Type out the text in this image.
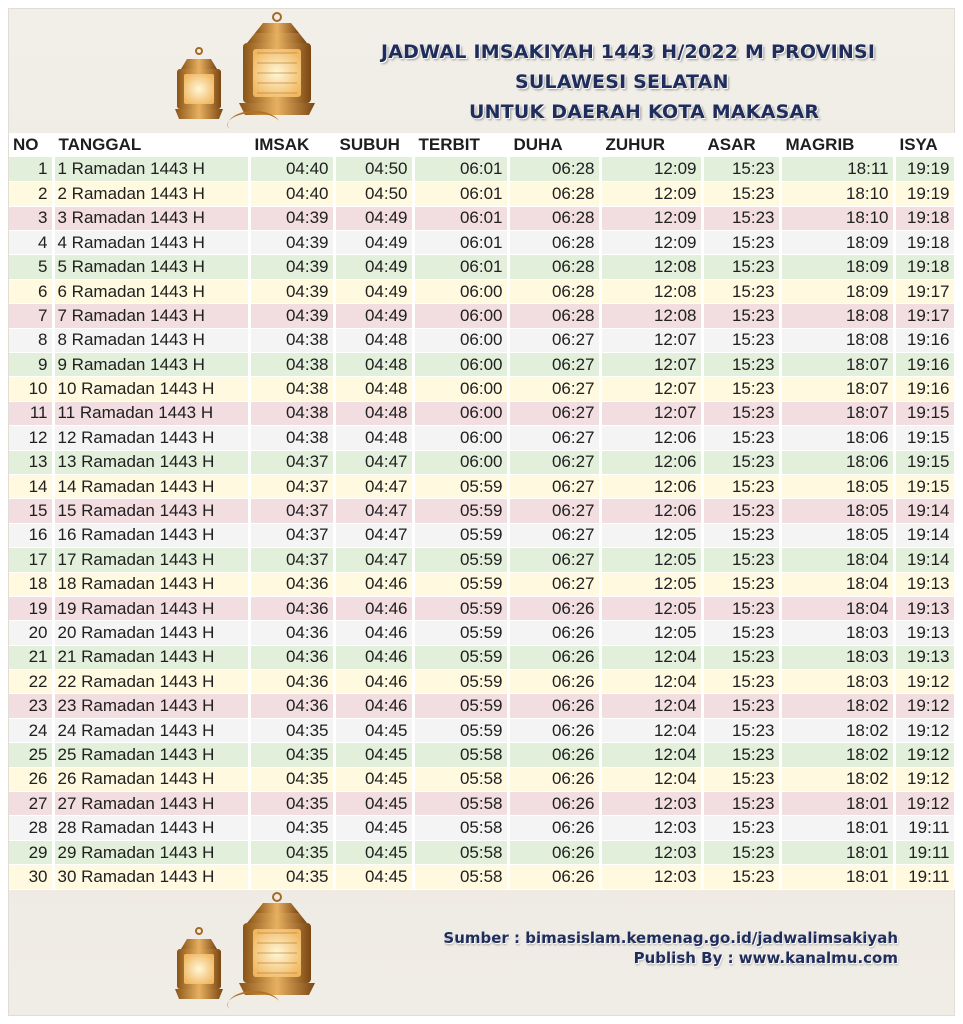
JADWAL IMSAKIYAH 1443 H/2022 M PROVINSI
SULAWESI SELATAN
UNTUK DAERAH KOTA MAKASAR
Sumber : bimasislam.kemenag.go.id/jadwalimsakiyah
Publish By : www.kanalmu.com
NO	TANGGAL	IMSAK	SUBUH	TERBIT	DUHA	ZUHUR	ASAR	MAGRIB	ISYA
1	1 Ramadan 1443 H	04:40	04:50	06:01	06:28	12:09	15:23	18:11	19:19
2	2 Ramadan 1443 H	04:40	04:50	06:01	06:28	12:09	15:23	18:10	19:19
3	3 Ramadan 1443 H	04:39	04:49	06:01	06:28	12:09	15:23	18:10	19:18
4	4 Ramadan 1443 H	04:39	04:49	06:01	06:28	12:09	15:23	18:09	19:18
5	5 Ramadan 1443 H	04:39	04:49	06:01	06:28	12:08	15:23	18:09	19:18
6	6 Ramadan 1443 H	04:39	04:49	06:00	06:28	12:08	15:23	18:09	19:17
7	7 Ramadan 1443 H	04:39	04:49	06:00	06:28	12:08	15:23	18:08	19:17
8	8 Ramadan 1443 H	04:38	04:48	06:00	06:27	12:07	15:23	18:08	19:16
9	9 Ramadan 1443 H	04:38	04:48	06:00	06:27	12:07	15:23	18:07	19:16
10	10 Ramadan 1443 H	04:38	04:48	06:00	06:27	12:07	15:23	18:07	19:16
11	11 Ramadan 1443 H	04:38	04:48	06:00	06:27	12:07	15:23	18:07	19:15
12	12 Ramadan 1443 H	04:38	04:48	06:00	06:27	12:06	15:23	18:06	19:15
13	13 Ramadan 1443 H	04:37	04:47	06:00	06:27	12:06	15:23	18:06	19:15
14	14 Ramadan 1443 H	04:37	04:47	05:59	06:27	12:06	15:23	18:05	19:15
15	15 Ramadan 1443 H	04:37	04:47	05:59	06:27	12:06	15:23	18:05	19:14
16	16 Ramadan 1443 H	04:37	04:47	05:59	06:27	12:05	15:23	18:05	19:14
17	17 Ramadan 1443 H	04:37	04:47	05:59	06:27	12:05	15:23	18:04	19:14
18	18 Ramadan 1443 H	04:36	04:46	05:59	06:27	12:05	15:23	18:04	19:13
19	19 Ramadan 1443 H	04:36	04:46	05:59	06:26	12:05	15:23	18:04	19:13
20	20 Ramadan 1443 H	04:36	04:46	05:59	06:26	12:05	15:23	18:03	19:13
21	21 Ramadan 1443 H	04:36	04:46	05:59	06:26	12:04	15:23	18:03	19:13
22	22 Ramadan 1443 H	04:36	04:46	05:59	06:26	12:04	15:23	18:03	19:12
23	23 Ramadan 1443 H	04:36	04:46	05:59	06:26	12:04	15:23	18:02	19:12
24	24 Ramadan 1443 H	04:35	04:45	05:59	06:26	12:04	15:23	18:02	19:12
25	25 Ramadan 1443 H	04:35	04:45	05:58	06:26	12:04	15:23	18:02	19:12
26	26 Ramadan 1443 H	04:35	04:45	05:58	06:26	12:04	15:23	18:02	19:12
27	27 Ramadan 1443 H	04:35	04:45	05:58	06:26	12:03	15:23	18:01	19:12
28	28 Ramadan 1443 H	04:35	04:45	05:58	06:26	12:03	15:23	18:01	19:11
29	29 Ramadan 1443 H	04:35	04:45	05:58	06:26	12:03	15:23	18:01	19:11
30	30 Ramadan 1443 H	04:35	04:45	05:58	06:26	12:03	15:23	18:01	19:11
